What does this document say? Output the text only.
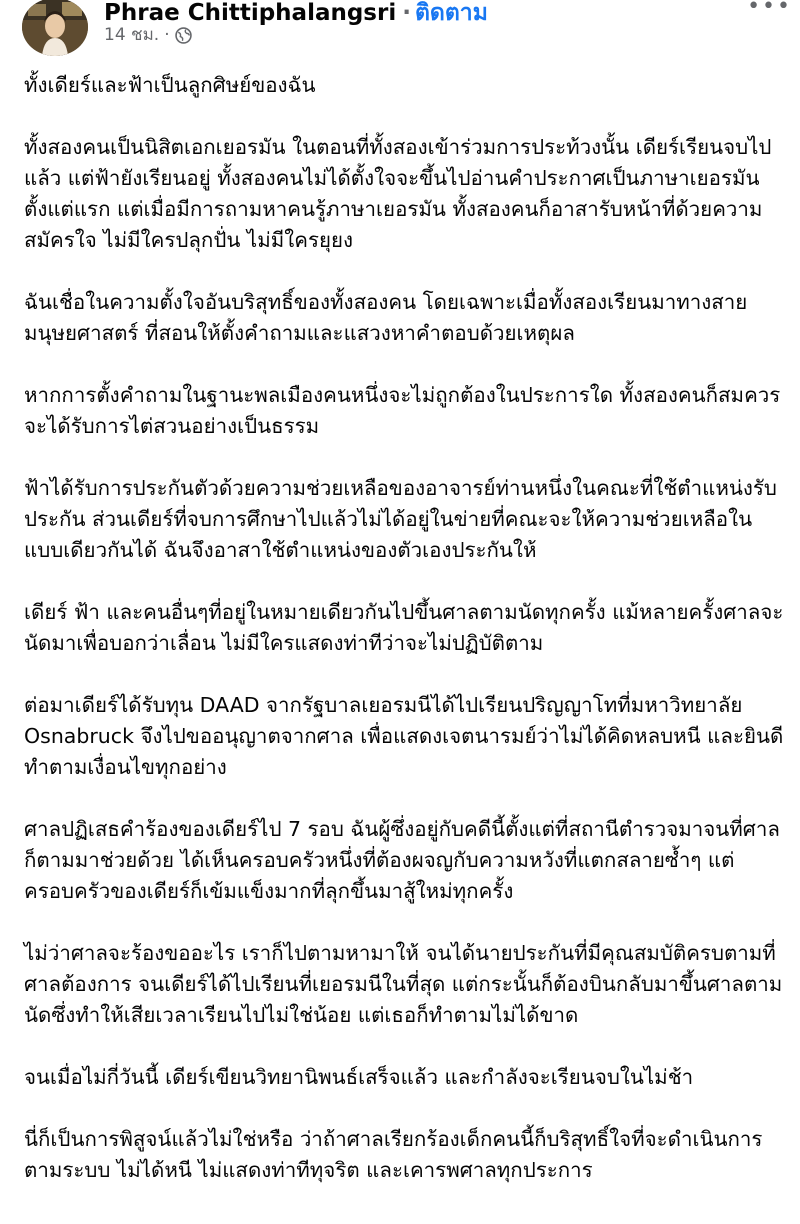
Phrae Chittiphalangsri · ติดตาม
14 ชม. ·
•••

ทั้งเดียร์และฟ้าเป็นลูกศิษย์ของฉัน

ทั้งสองคนเป็นนิสิตเอกเยอรมัน ในตอนที่ทั้งสองเข้าร่วมการประท้วงนั้น เดียร์เรียนจบไปแล้ว แต่ฟ้ายังเรียนอยู่ ทั้งสองคนไม่ได้ตั้งใจจะขึ้นไปอ่านคำประกาศเป็นภาษาเยอรมันตั้งแต่แรก แต่เมื่อมีการถามหาคนรู้ภาษาเยอรมัน ทั้งสองคนก็อาสารับหน้าที่ด้วยความสมัครใจ ไม่มีใครปลุกปั่น ไม่มีใครยุยง

ฉันเชื่อในความตั้งใจอันบริสุทธิ์ของทั้งสองคน โดยเฉพาะเมื่อทั้งสองเรียนมาทางสายมนุษยศาสตร์ ที่สอนให้ตั้งคำถามและแสวงหาคำตอบด้วยเหตุผล

หากการตั้งคำถามในฐานะพลเมืองคนหนึ่งจะไม่ถูกต้องในประการใด ทั้งสองคนก็สมควรจะได้รับการไต่สวนอย่างเป็นธรรม

ฟ้าได้รับการประกันตัวด้วยความช่วยเหลือของอาจารย์ท่านหนึ่งในคณะที่ใช้ตำแหน่งรับประกัน ส่วนเดียร์ที่จบการศึกษาไปแล้วไม่ได้อยู่ในข่ายที่คณะจะให้ความช่วยเหลือในแบบเดียวกันได้ ฉันจึงอาสาใช้ตำแหน่งของตัวเองประกันให้

เดียร์ ฟ้า และคนอื่นๆที่อยู่ในหมายเดียวกันไปขึ้นศาลตามนัดทุกครั้ง แม้หลายครั้งศาลจะนัดมาเพื่อบอกว่าเลื่อน ไม่มีใครแสดงท่าทีว่าจะไม่ปฏิบัติตาม

ต่อมาเดียร์ได้รับทุน DAAD จากรัฐบาลเยอรมนีได้ไปเรียนปริญญาโทที่มหาวิทยาลัย Osnabruck จึงไปขออนุญาตจากศาล เพื่อแสดงเจตนารมย์ว่าไม่ได้คิดหลบหนี และยินดีทำตามเงื่อนไขทุกอย่าง

ศาลปฏิเสธคำร้องของเดียร์ไป 7 รอบ ฉันผู้ซึ่งอยู่กับคดีนี้ตั้งแต่ที่สถานีตำรวจมาจนที่ศาลก็ตามมาช่วยด้วย ได้เห็นครอบครัวหนึ่งที่ต้องผจญกับความหวังที่แตกสลายซ้ำๆ แต่ครอบครัวของเดียร์ก็เข้มแข็งมากที่ลุกขึ้นมาสู้ใหม่ทุกครั้ง

ไม่ว่าศาลจะร้องขออะไร เราก็ไปตามหามาให้ จนได้นายประกันที่มีคุณสมบัติครบตามที่ศาลต้องการ จนเดียร์ได้ไปเรียนที่เยอรมนีในที่สุด แต่กระนั้นก็ต้องบินกลับมาขึ้นศาลตามนัดซึ่งทำให้เสียเวลาเรียนไปไม่ใช่น้อย แต่เธอก็ทำตามไม่ได้ขาด

จนเมื่อไม่กี่วันนี้ เดียร์เขียนวิทยานิพนธ์เสร็จแล้ว และกำลังจะเรียนจบในไม่ช้า

นี่ก็เป็นการพิสูจน์แล้วไม่ใช่หรือ ว่าถ้าศาลเรียกร้องเด็กคนนี้ก็บริสุทธิ์ใจที่จะดำเนินการตามระบบ ไม่ได้หนี ไม่แสดงท่าทีทุจริต และเคารพศาลทุกประการ
